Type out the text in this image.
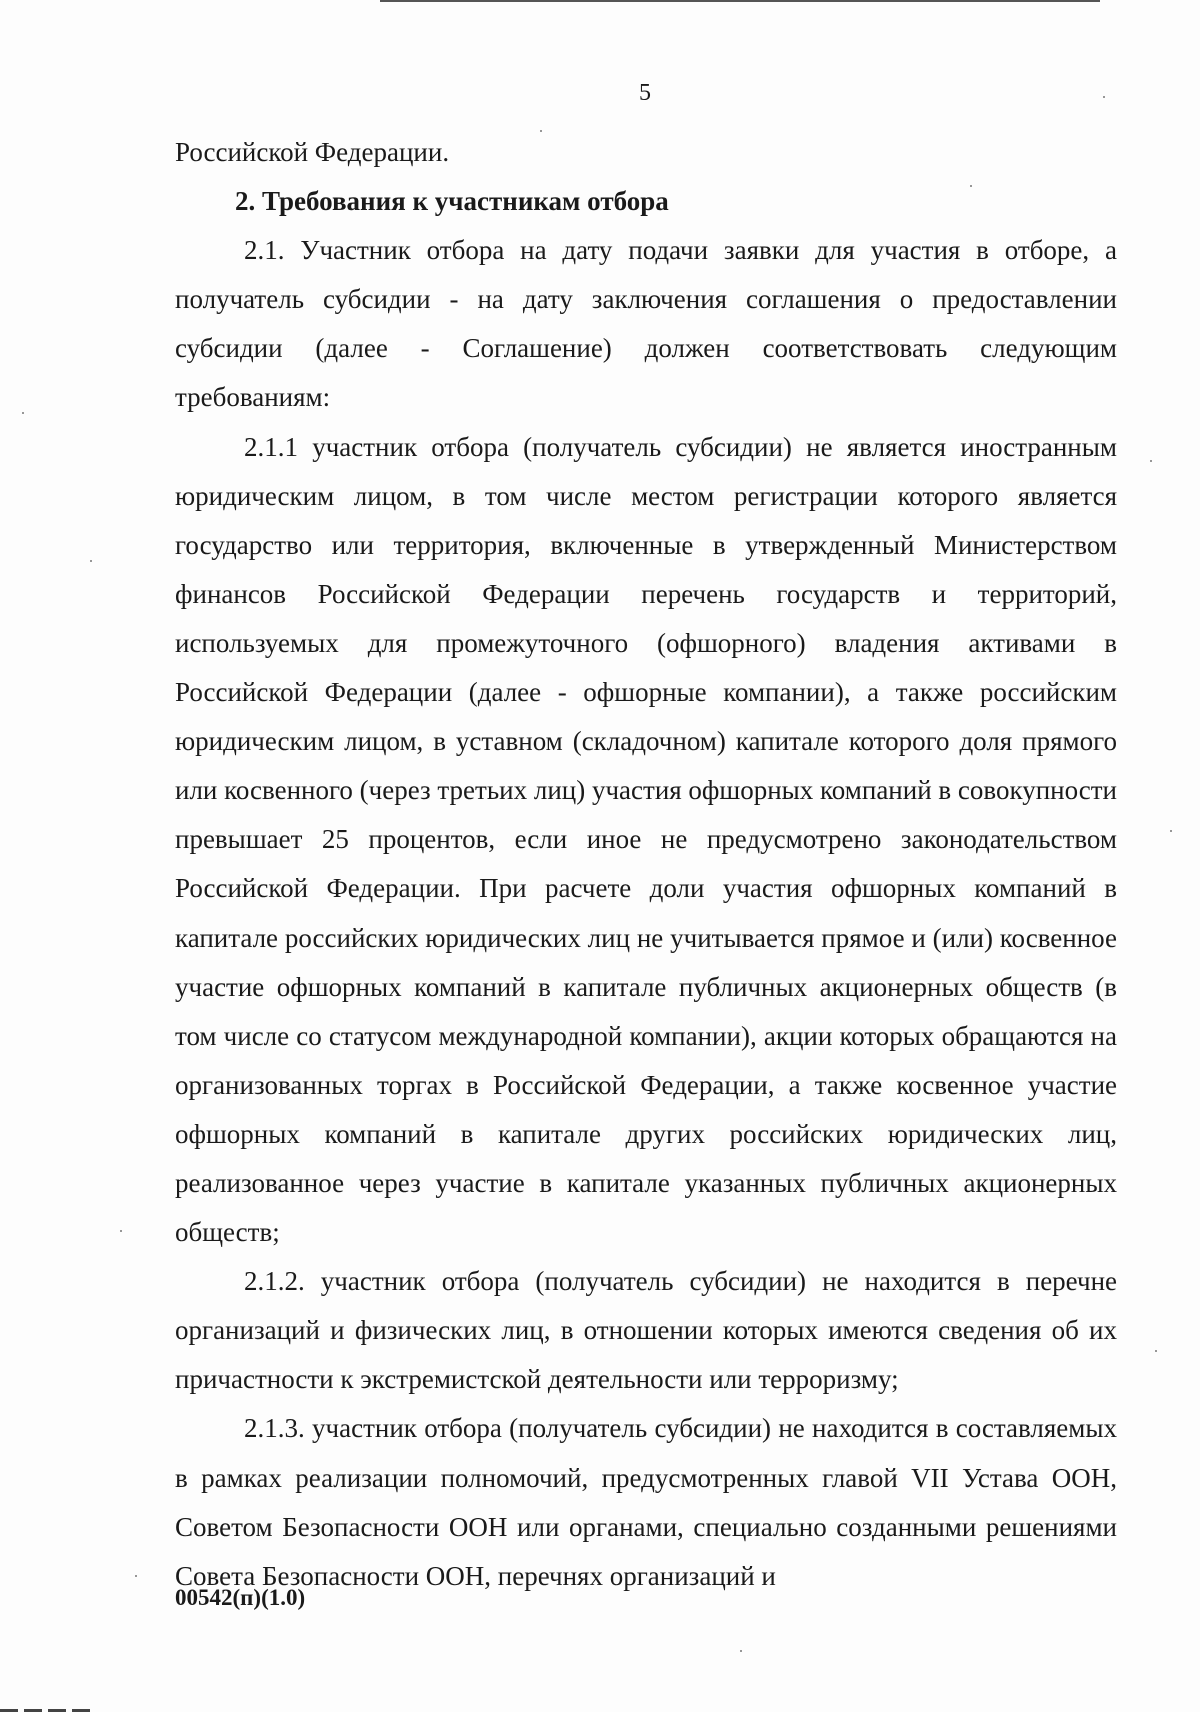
5

Российской Федерации.

2. Требования к участникам отбора

2.1. Участник отбора на дату подачи заявки для участия в отборе, а получатель субсидии - на дату заключения соглашения о предоставлении субсидии (далее - Соглашение) должен соответствовать следующим требованиям:

2.1.1 участник отбора (получатель субсидии) не является иностранным юридическим лицом, в том числе местом регистрации которого является государство или территория, включенные в утвержденный Министерством финансов Российской Федерации перечень государств и территорий, используемых для промежуточного (офшорного) владения активами в Российской Федерации (далее - офшорные компании), а также российским юридическим лицом, в уставном (складочном) капитале которого доля прямого или косвенного (через третьих лиц) участия офшорных компаний в совокупности превышает 25 процентов, если иное не предусмотрено законодательством Российской Федерации. При расчете доли участия офшорных компаний в капитале российских юридических лиц не учитывается прямое и (или) косвенное участие офшорных компаний в капитале публичных акционерных обществ (в том числе со статусом международной компании), акции которых обращаются на организованных торгах в Российской Федерации, а также косвенное участие офшорных компаний в капитале других российских юридических лиц, реализованное через участие в капитале указанных публичных акционерных обществ;

2.1.2. участник отбора (получатель субсидии) не находится в перечне организаций и физических лиц, в отношении которых имеются сведения об их причастности к экстремистской деятельности или терроризму;

2.1.3. участник отбора (получатель субсидии) не находится в составляемых в рамках реализации полномочий, предусмотренных главой VII Устава ООН, Советом Безопасности ООН или органами, специально созданными решениями Совета Безопасности ООН, перечнях организаций и

00542(п)(1.0)
